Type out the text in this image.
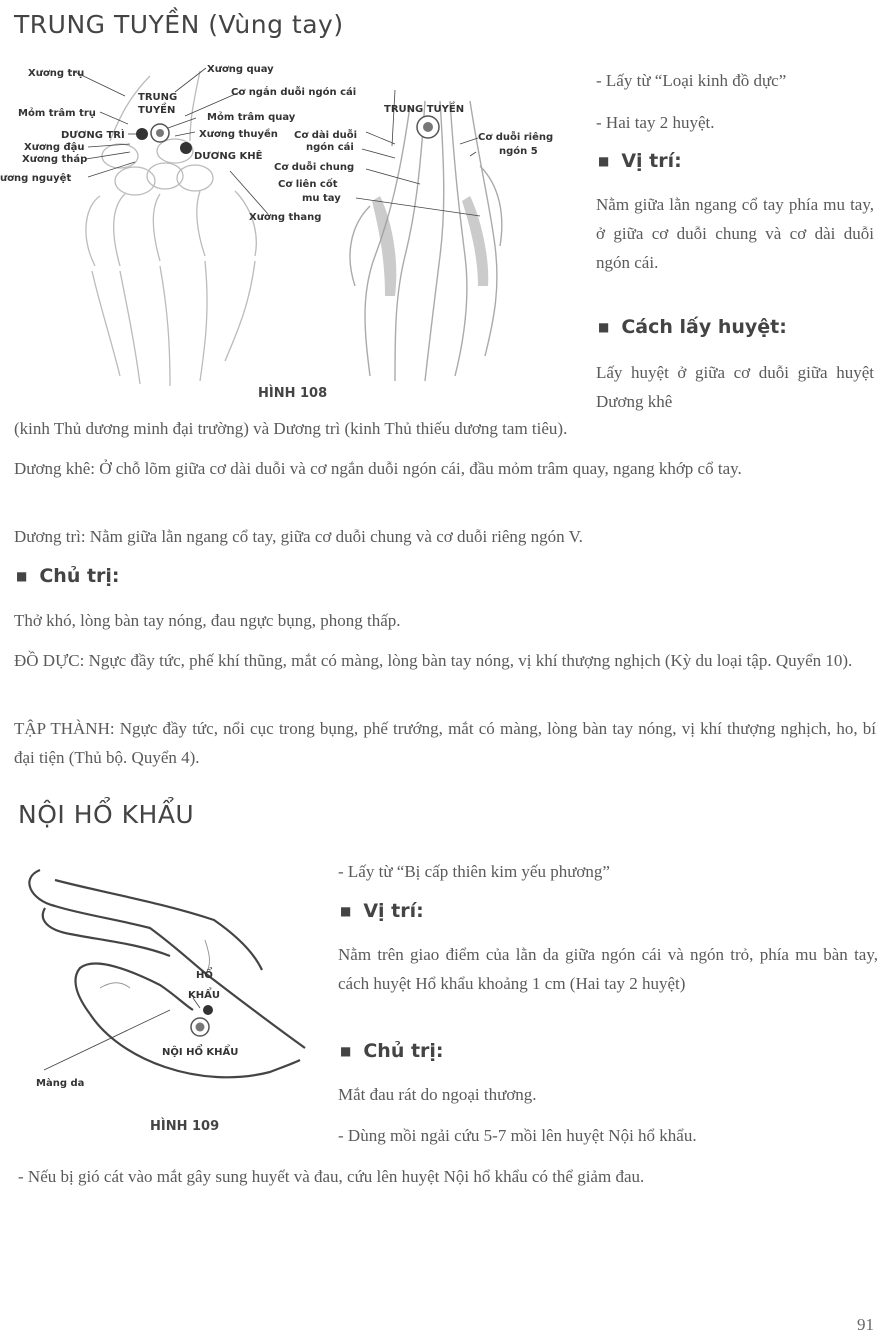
TRUNG TUYỀN (Vùng tay)
Xương trụ	Xương quay
TRUNG
TUYỀN
Cơ ngắn duỗi ngón cái
Mỏm trâm trụ	Mỏm trâm quay
TRUNG TUYỀN
DƯƠNG TRÌ	Xương thuyền Cơ dài duỗi
ngón cái
Cơ duỗi riêng
ngón 5
Xương đậu
DƯƠNG KHÊ
Xương tháp
Cơ duỗi chung
ương nguyệt
Cơ liên cốt
mu tay
Xương thang
HÌNH 108
- Lấy từ “Loại kinh đồ dực”
- Hai tay 2 huyệt.
■ Vị trí:
Nằm giữa lằn ngang cổ tay phía mu tay, ở giữa cơ duỗi chung và cơ dài duỗi ngón cái.
■ Cách lấy huyệt:
Lấy huyệt ở giữa cơ duỗi giữa huyệt Dương khê
(kinh Thủ dương minh đại trường) và Dương trì (kinh Thủ thiếu dương tam tiêu).
Dương khê: Ở chỗ lõm giữa cơ dài duỗi và cơ ngắn duỗi ngón cái, đầu mỏm trâm quay, ngang khớp cổ tay.
Dương trì: Nằm giữa lằn ngang cổ tay, giữa cơ duỗi chung và cơ duỗi riêng ngón V.
■ Chủ trị:
Thở khó, lòng bàn tay nóng, đau ngực bụng, phong thấp.
ĐỒ DỰC: Ngực đầy tức, phế khí thũng, mắt có màng, lòng bàn tay nóng, vị khí thượng nghịch (Kỳ du loại tập. Quyển 10).
TẬP THÀNH: Ngực đầy tức, nổi cục trong bụng, phế trướng, mắt có màng, lòng bàn tay nóng, vị khí thượng nghịch, ho, bí đại tiện (Thủ bộ. Quyển 4).
NỘI HỔ KHẨU
HỔ
KHẨU
NỘI HỔ KHẨU
Màng da
HÌNH 109
- Lấy từ “Bị cấp thiên kim yếu phương”
■ Vị trí:
Nằm trên giao điểm của lằn da giữa ngón cái và ngón trỏ, phía mu bàn tay, cách huyệt Hổ khẩu khoảng 1 cm (Hai tay 2 huyệt)
■ Chủ trị:
Mắt đau rát do ngoại thương.
- Dùng mồi ngải cứu 5-7 mồi lên huyệt Nội hổ khẩu.
- Nếu bị gió cát vào mắt gây sung huyết và đau, cứu lên huyệt Nội hổ khẩu có thể giảm đau.
91
